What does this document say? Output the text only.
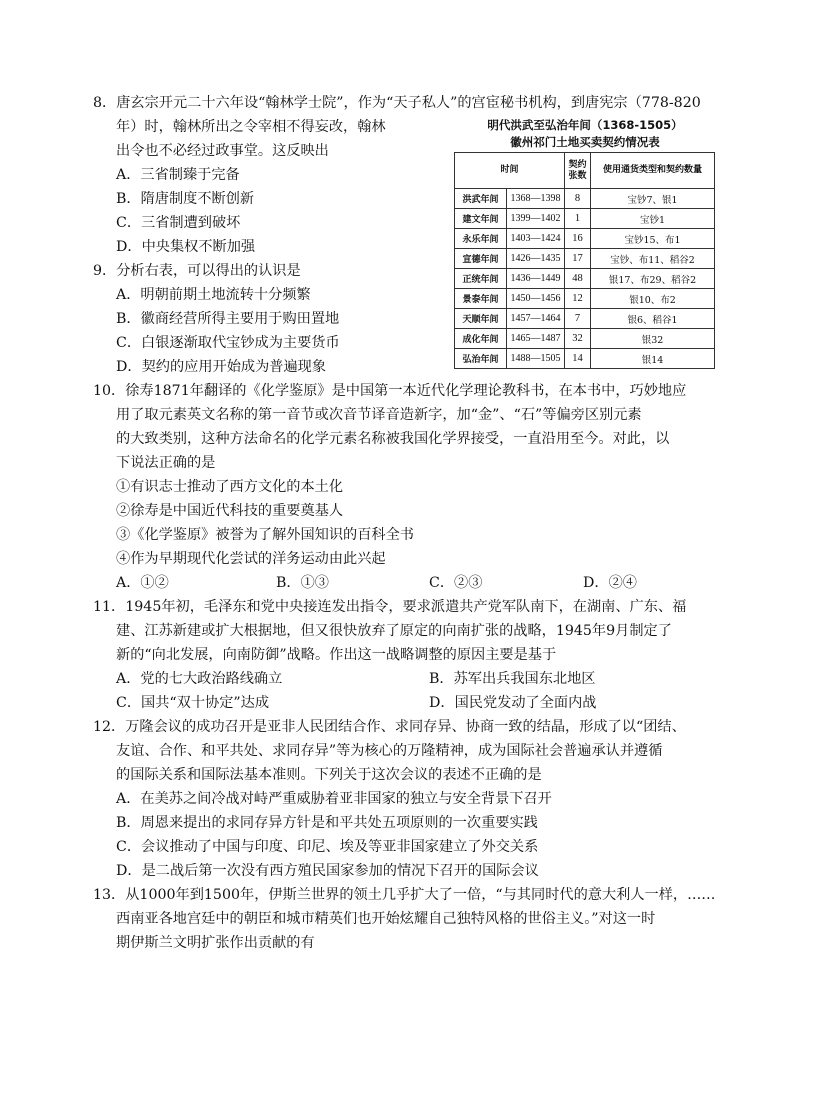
8．唐玄宗开元二十六年设“翰林学士院”，作为“天子私人”的宫宦秘书机构，到唐宪宗（778-820
年）时，翰林所出之令宰相不得妄改，翰林
出令也不必经过政事堂。这反映出
A．三省制臻于完备
B．隋唐制度不断创新
C．三省制遭到破坏
D．中央集权不断加强
9．分析右表，可以得出的认识是
A．明朝前期土地流转十分频繁
B．徽商经营所得主要用于购田置地
C．白银逐渐取代宝钞成为主要货币
D．契约的应用开始成为普遍现象
明代洪武至弘治年间（1368-1505）
徽州祁门土地买卖契约情况表
时间		契约张数	使用通货类型和契约数量
洪武年间	1368—1398	8	宝钞7、银1
建文年间	1399—1402	1	宝钞1
永乐年间	1403—1424	16	宝钞15、布1
宣德年间	1426—1435	17	宝钞、布11、稻谷2
正统年间	1436—1449	48	银17、布29、稻谷2
景泰年间	1450—1456	12	银10、布2
天顺年间	1457—1464	7	银6、稻谷1
成化年间	1465—1487	32	银32
弘治年间	1488—1505	14	银14
10．徐寿1871年翻译的《化学鉴原》是中国第一本近代化学理论教科书，在本书中，巧妙地应
用了取元素英文名称的第一音节或次音节译音造新字，加“金”、“石”等偏旁区别元素
的大致类别，这种方法命名的化学元素名称被我国化学界接受，一直沿用至今。对此，以
下说法正确的是
①有识志士推动了西方文化的本土化
②徐寿是中国近代科技的重要奠基人
③《化学鉴原》被誉为了解外国知识的百科全书
④作为早期现代化尝试的洋务运动由此兴起
A．①②	B．①③	C．②③	D．②④
11．1945年初，毛泽东和党中央接连发出指令，要求派遣共产党军队南下，在湖南、广东、福
建、江苏新建或扩大根据地，但又很快放弃了原定的向南扩张的战略，1945年9月制定了
新的“向北发展，向南防御”战略。作出这一战略调整的原因主要是基于
A．党的七大政治路线确立	B．苏军出兵我国东北地区
C．国共“双十协定”达成	D．国民党发动了全面内战
12．万隆会议的成功召开是亚非人民团结合作、求同存异、协商一致的结晶，形成了以“团结、
友谊、合作、和平共处、求同存异”等为核心的万隆精神，成为国际社会普遍承认并遵循
的国际关系和国际法基本准则。下列关于这次会议的表述不正确的是
A．在美苏之间冷战对峙严重威胁着亚非国家的独立与安全背景下召开
B．周恩来提出的求同存异方针是和平共处五项原则的一次重要实践
C．会议推动了中国与印度、印尼、埃及等亚非国家建立了外交关系
D．是二战后第一次没有西方殖民国家参加的情况下召开的国际会议
13．从1000年到1500年，伊斯兰世界的领土几乎扩大了一倍，“与其同时代的意大利人一样，……
西南亚各地宫廷中的朝臣和城市精英们也开始炫耀自己独特风格的世俗主义。”对这一时
期伊斯兰文明扩张作出贡献的有
